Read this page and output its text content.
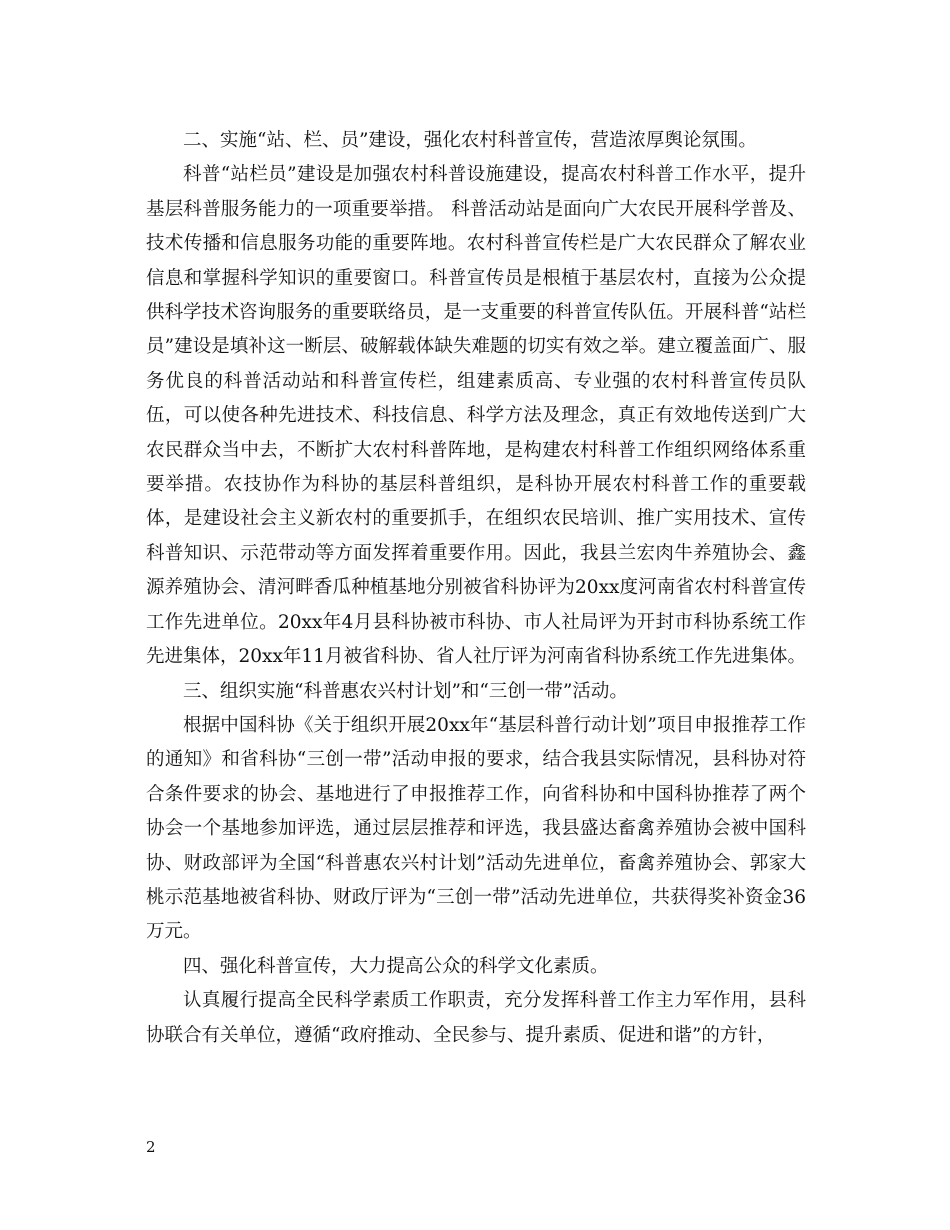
二、实施“站、栏、员”建设，强化农村科普宣传，营造浓厚舆论氛围。

科普“站栏员”建设是加强农村科普设施建设，提高农村科普工作水平，提升基层科普服务能力的一项重要举措。 科普活动站是面向广大农民开展科学普及、技术传播和信息服务功能的重要阵地。农村科普宣传栏是广大农民群众了解农业信息和掌握科学知识的重要窗口。科普宣传员是根植于基层农村，直接为公众提供科学技术咨询服务的重要联络员，是一支重要的科普宣传队伍。开展科普“站栏员”建设是填补这一断层、破解载体缺失难题的切实有效之举。建立覆盖面广、服务优良的科普活动站和科普宣传栏，组建素质高、专业强的农村科普宣传员队伍，可以使各种先进技术、科技信息、科学方法及理念，真正有效地传送到广大农民群众当中去，不断扩大农村科普阵地，是构建农村科普工作组织网络体系重要举措。农技协作为科协的基层科普组织，是科协开展农村科普工作的重要载体，是建设社会主义新农村的重要抓手，在组织农民培训、推广实用技术、宣传科普知识、示范带动等方面发挥着重要作用。因此，我县兰宏肉牛养殖协会、鑫源养殖协会、清河畔香瓜种植基地分别被省科协评为20xx度河南省农村科普宣传工作先进单位。20xx年4月县科协被市科协、市人社局评为开封市科协系统工作先进集体，20xx年11月被省科协、省人社厅评为河南省科协系统工作先进集体。

三、组织实施“科普惠农兴村计划”和“三创一带”活动。

根据中国科协《关于组织开展20xx年“基层科普行动计划”项目申报推荐工作的通知》和省科协“三创一带”活动申报的要求，结合我县实际情况，县科协对符合条件要求的协会、基地进行了申报推荐工作，向省科协和中国科协推荐了两个协会一个基地参加评选，通过层层推荐和评选，我县盛达畜禽养殖协会被中国科协、财政部评为全国“科普惠农兴村计划”活动先进单位，畜禽养殖协会、郭家大桃示范基地被省科协、财政厅评为“三创一带”活动先进单位，共获得奖补资金36万元。

四、强化科普宣传，大力提高公众的科学文化素质。

认真履行提高全民科学素质工作职责，充分发挥科普工作主力军作用，县科协联合有关单位，遵循“政府推动、全民参与、提升素质、促进和谐”的方针，

2
